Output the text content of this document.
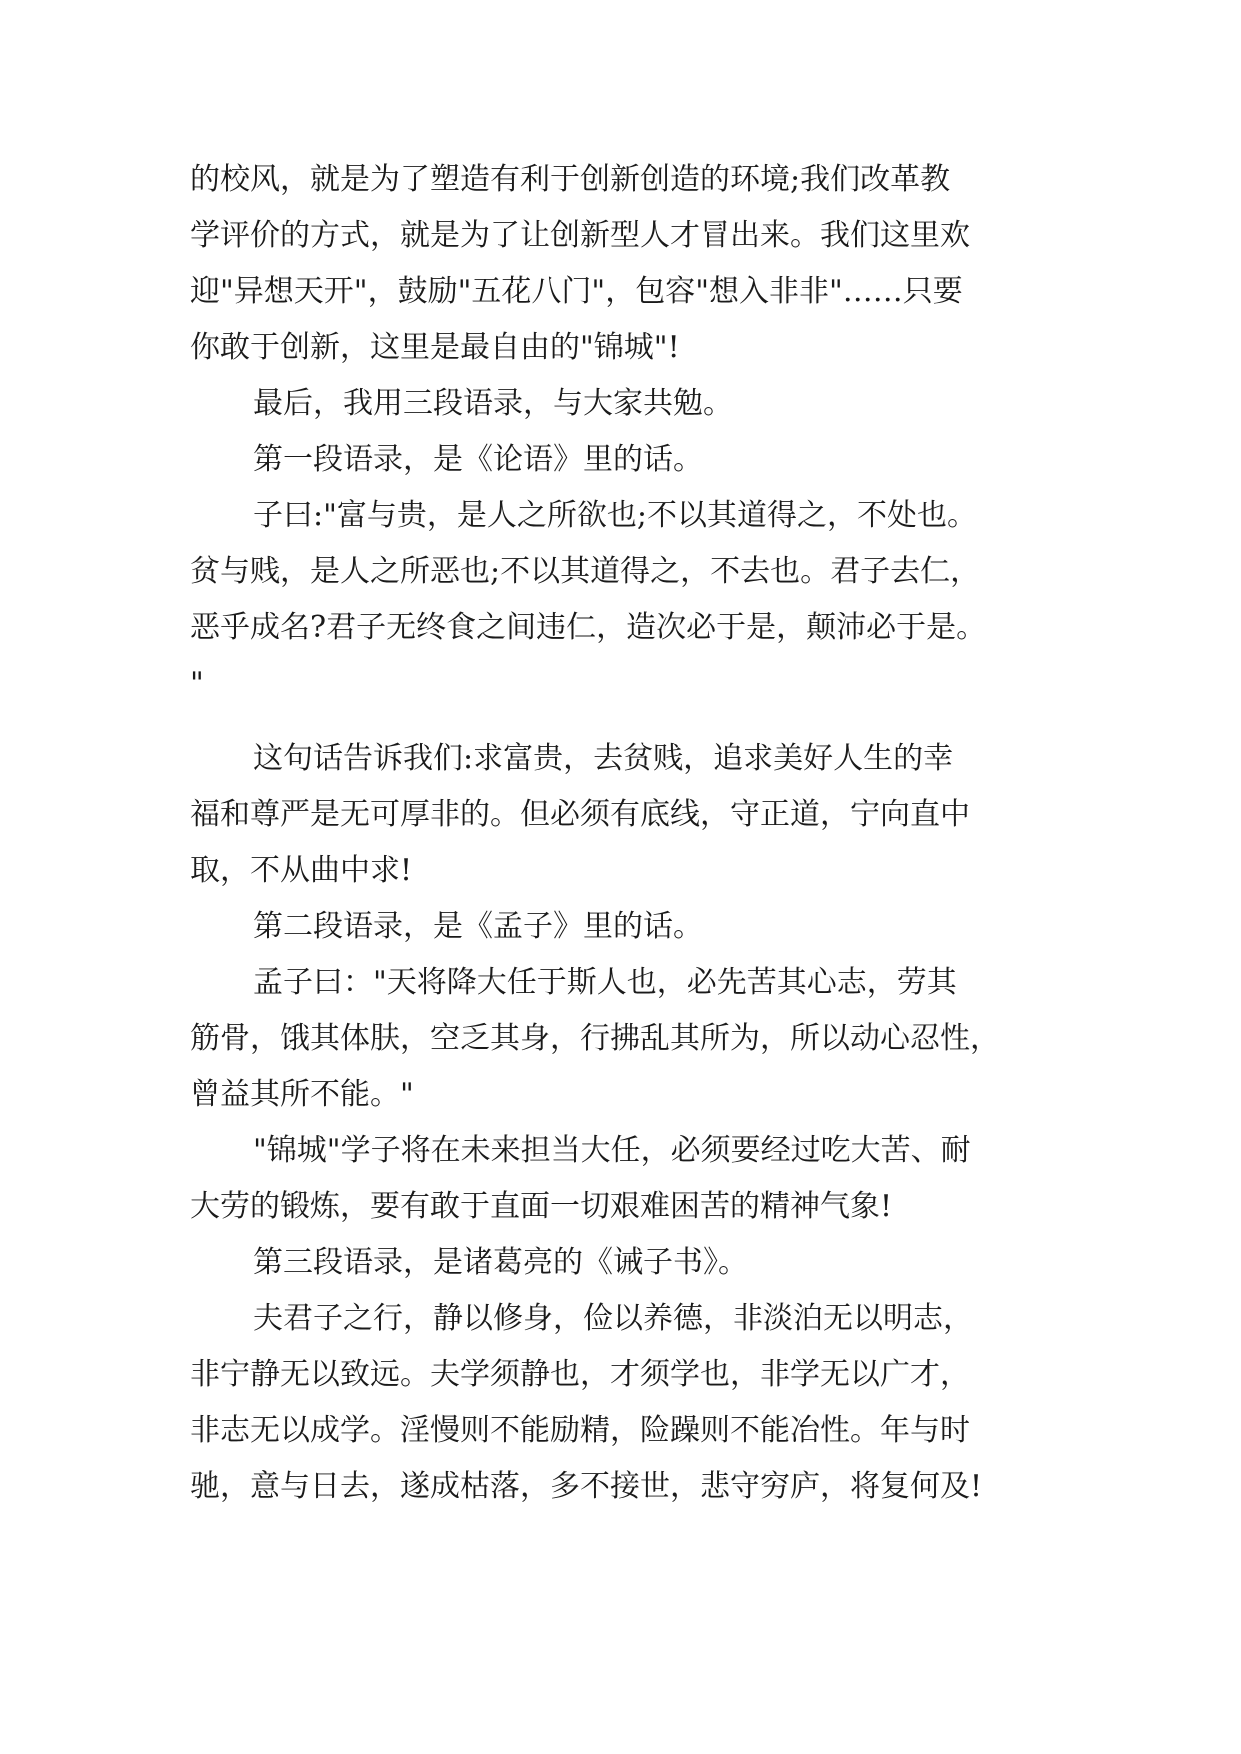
的校风，就是为了塑造有利于创新创造的环境;我们改革教
学评价的方式，就是为了让创新型人才冒出来。我们这里欢
迎"异想天开"，鼓励"五花八门"，包容"想入非非"……只要
你敢于创新，这里是最自由的"锦城"!
最后，我用三段语录，与大家共勉。
第一段语录，是《论语》里的话。
子曰:"富与贵，是人之所欲也;不以其道得之，不处也。
贫与贱，是人之所恶也;不以其道得之，不去也。君子去仁，
恶乎成名?君子无终食之间违仁，造次必于是，颠沛必于是。
"
这句话告诉我们:求富贵，去贫贱，追求美好人生的幸
福和尊严是无可厚非的。但必须有底线，守正道，宁向直中
取，不从曲中求!
第二段语录，是《孟子》里的话。
孟子曰："天将降大任于斯人也，必先苦其心志，劳其
筋骨，饿其体肤，空乏其身，行拂乱其所为，所以动心忍性，
曾益其所不能。"
"锦城"学子将在未来担当大任，必须要经过吃大苦、耐
大劳的锻炼，要有敢于直面一切艰难困苦的精神气象!
第三段语录，是诸葛亮的《诫子书》。
夫君子之行，静以修身，俭以养德，非淡泊无以明志，
非宁静无以致远。夫学须静也，才须学也，非学无以广才，
非志无以成学。淫慢则不能励精，险躁则不能冶性。年与时
驰，意与日去，遂成枯落，多不接世，悲守穷庐，将复何及!
